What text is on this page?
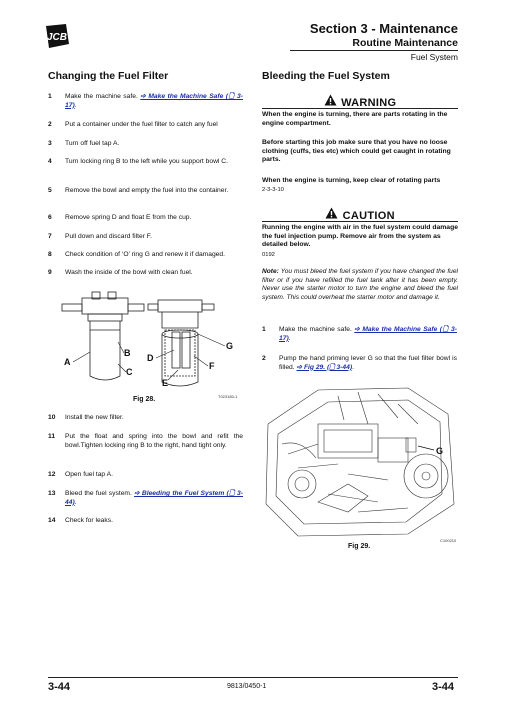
JCB
Section 3 - Maintenance
Routine Maintenance
Fuel System
Changing the Fuel Filter
1 Make the machine safe. ➩ Make the Machine Safe (🗋 3-17).
2 Put a container under the fuel filter to catch any fuel
3 Turn off fuel tap A.
4 Turn locking ring B to the left while you support bowl C.
5 Remove the bowl and empty the fuel into the container.
6 Remove spring D and float E from the cup.
7 Pull down and discard filter F.
8 Check condition of ‘O’ ring G and renew it if damaged.
9 Wash the inside of the bowl with clean fuel.
A
B
C
D
E
F
G
T023180-1
Fig 28.
10 Install the new filter.
11 Put the float and spring into the bowl and refit the bowl.Tighten locking ring B to the right, hand tight only.
12 Open fuel tap A.
13 Bleed the fuel system. ➩ Bleeding the Fuel System (🗋 3-44).
14 Check for leaks.
Bleeding the Fuel System
WARNING
When the engine is turning, there are parts rotating in the engine compartment.
Before starting this job make sure that you have no loose clothing (cuffs, ties etc) which could get caught in rotating parts.
When the engine is turning, keep clear of rotating parts
2-3-3-10
CAUTION
Running the engine with air in the fuel system could damage the fuel injection pump. Remove air from the system as detailed below.
0192
Note: You must bleed the fuel system if you have changed the fuel filter or if you have refilled the fuel tank after it has been empty. Never use the starter motor to turn the engine and bleed the fuel system. This could overheat the starter motor and damage it.
1 Make the machine safe. ➩ Make the Machine Safe (🗋 3-17).
2 Pump the hand priming lever G so that the fuel filter bowl is filled. ➩ Fig 29. (🗋 3-44).
G
C100210
Fig 29.
3-44	9813/0450-1	3-44
